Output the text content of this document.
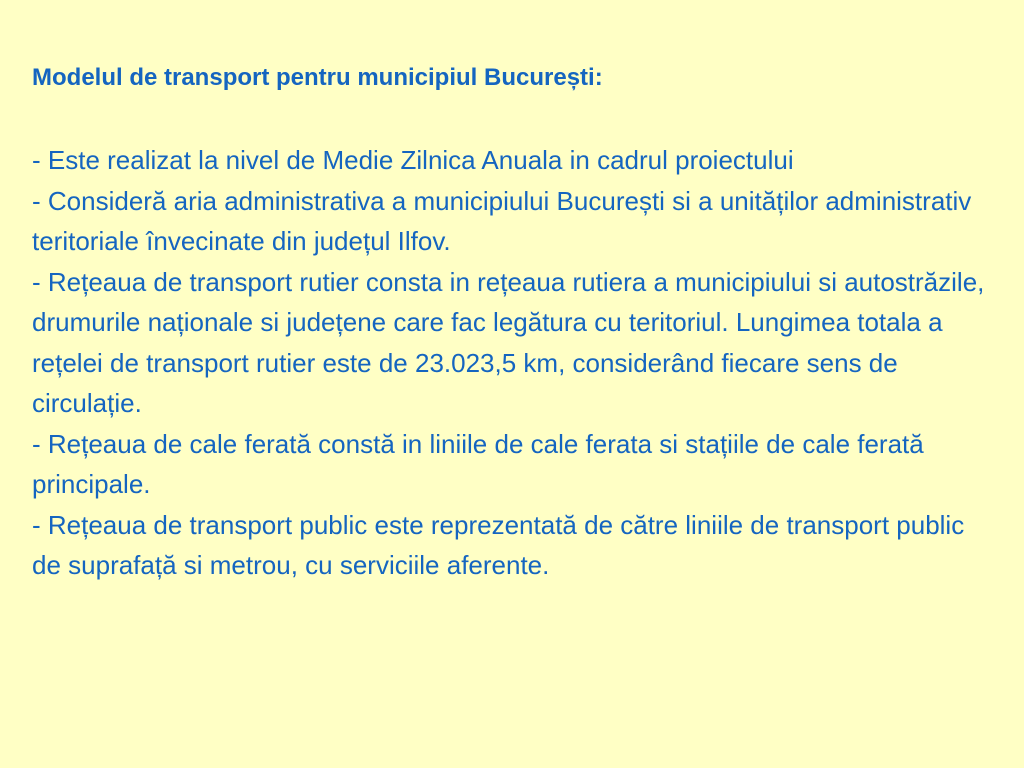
Modelul de transport pentru municipiul București:
- Este realizat la nivel de Medie Zilnica Anuala in cadrul proiectului
- Consideră aria administrativa a municipiului București si a unităților administrativ teritoriale învecinate din județul Ilfov.
- Rețeaua de transport rutier consta in rețeaua rutiera a municipiului si autostrăzile, drumurile naționale si județene care fac legătura cu teritoriul. Lungimea totala a rețelei de transport rutier este de 23.023,5 km, considerând fiecare sens de circulație.
- Rețeaua de cale ferată constă in liniile de cale ferata si stațiile de cale ferată principale.
- Rețeaua de transport public este reprezentată de către liniile de transport public de suprafață si metrou, cu serviciile aferente.
